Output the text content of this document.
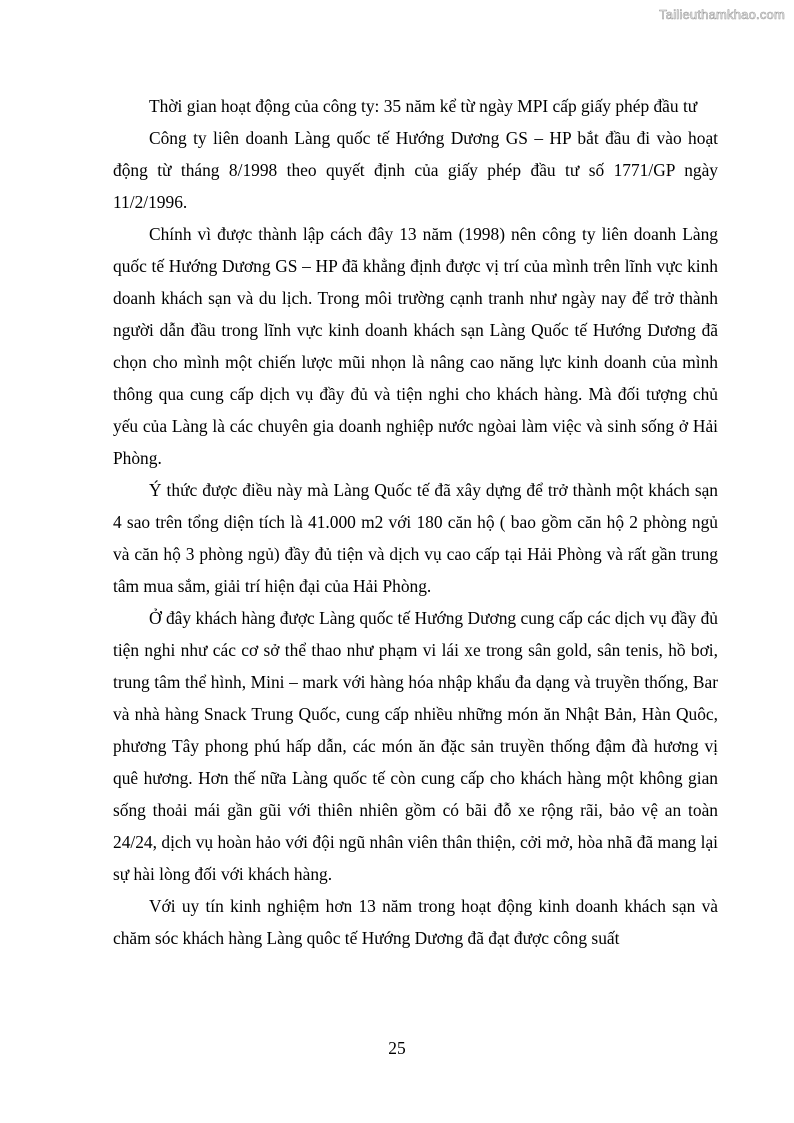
Tailieuthamkhao.com

Thời gian hoạt động của công ty: 35 năm kể từ ngày MPI cấp giấy phép đầu tư

Công ty liên doanh Làng quốc tế Hướng Dương GS – HP bắt đầu đi vào hoạt động từ tháng 8/1998 theo quyết định của giấy phép đầu tư số 1771/GP ngày 11/2/1996.

Chính vì được thành lập cách đây 13 năm (1998) nên công ty liên doanh Làng quốc tế Hướng Dương GS – HP đã khẳng định được vị trí của mình trên lĩnh vực kinh doanh khách sạn và du lịch. Trong môi trường cạnh tranh như ngày nay để trở thành người dẫn đầu trong lĩnh vực kinh doanh khách sạn Làng Quốc tế Hướng Dương đã chọn cho mình một chiến lược mũi nhọn là nâng cao năng lực kinh doanh của mình thông qua cung cấp dịch vụ đầy đủ và tiện nghi cho khách hàng. Mà đối tượng chủ yếu của Làng là các chuyên gia doanh nghiệp nước ngòai làm việc và sinh sống ở Hải Phòng.

Ý thức được điều này mà Làng Quốc tế đã xây dựng để trở thành một khách sạn 4 sao trên tổng diện tích là 41.000 m2 với 180 căn hộ ( bao gồm căn hộ 2 phòng ngủ và căn hộ 3 phòng ngủ) đầy đủ tiện và dịch vụ cao cấp tại Hải Phòng và rất gần trung tâm mua sắm, giải trí hiện đại của Hải Phòng.

Ở đây khách hàng được Làng quốc tế Hướng Dương cung cấp các dịch vụ đầy đủ tiện nghi như các cơ sở thể thao như phạm vi lái xe trong sân gold, sân tenis, hồ bơi, trung tâm thể hình, Mini – mark với hàng hóa nhập khẩu đa dạng và truyền thống, Bar và nhà hàng Snack Trung Quốc, cung cấp nhiều những món ăn Nhật Bản, Hàn Quôc, phương Tây phong phú hấp dẫn, các món ăn đặc sản truyền thống đậm đà hương vị quê hương. Hơn thế nữa Làng quốc tế còn cung cấp cho khách hàng một không gian sống thoải mái gần gũi với thiên nhiên gồm có bãi đỗ xe rộng rãi, bảo vệ an toàn 24/24, dịch vụ hoàn hảo với đội ngũ nhân viên thân thiện, cởi mở, hòa nhã đã mang lại sự hài lòng đối với khách hàng.

Với uy tín kinh nghiệm hơn 13 năm trong hoạt động kinh doanh khách sạn và chăm sóc khách hàng Làng quôc tế Hướng Dương đã đạt được công suất

25
